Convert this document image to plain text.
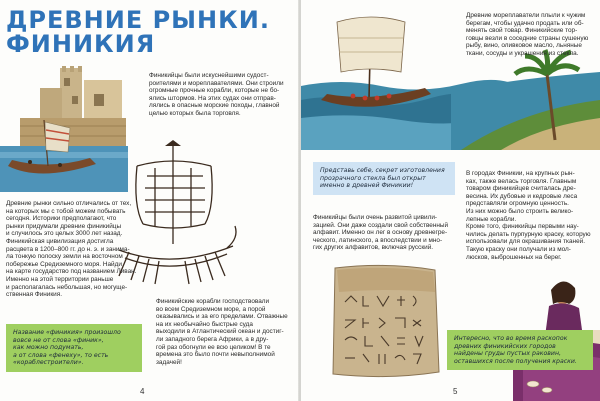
ДРЕВНИЕ РЫНКИ.
ФИНИКИЯ
Финикийцы были искуснейшими судост-
роителями и мореплавателями. Они строили
огромные прочные корабли, которые не бо-
ялись штормов. На этих судах они отправ-
лялись в опасные морские походы, главной
целью которых была торговля.
Древние рынки сильно отличались от тех,
на которых мы с тобой можем побывать
сегодня. Историки предполагают, что
рынки придумали древние финикийцы
и случилось это целых 3000 лет назад.
Финикийская цивилизация достигла
расцвета в 1200–800 гг. до н. э. и занима-
ла тонкую полоску земли на восточном
побережье Средиземного моря. Найди
на карте государство под названием Ливан.
Именно на этой территории раньше
и располагалась небольшая, но могуще-
ственная Финикия.
Финикийские корабли господствовали
во всем Средиземном море, а порой
оказывались и за его пределами. Отважные
на их необычайно быстрые суда
выходили в Атлантический океан и достиг-
ли западного берега Африки, а в дру-
гой раз обогнули ее всю целиком! В те
времена это было почти невыполнимой
задачей!
Название «финикия» произошло
вовсе не от слова «финик»,
как можно подумать,
а от слова «фенеху», то есть
«кораблестроители».
4
Древние мореплаватели плыли к чужим
берегам, чтобы удачно продать или об-
менять свой товар. Финикийские тор-
говцы везли в соседние страны сушеную
рыбу, вино, оливковое масло, льняные
ткани, сосуды и украшения из стекла.
Представь себе, секрет изготовления
прозрачного стекла был открыт
именно в древней Финикии!
Финикийцы были очень развитой цивили-
зацией. Они даже создали свой собственный
алфавит. Именно он лег в основу древнегре-
ческого, латинского, а впоследствии и мно-
гих других алфавитов, включая русский.
В городах Финикии, на крупных рын-
ках, также велась торговля. Главным
товаром финикийцев считалась дре-
весина. Их дубовые и кедровые леса
представляли огромную ценность.
Из них можно было строить велико-
лепные корабли.
Кроме того, финикийцы первыми нау-
чились делать пурпурную краску, которую
использовали для окрашивания тканей.
Такую краску они получали из мол-
люсков, выброшенных на берег.
Интересно, что во время раскопок
древних финикийских городов
найдены груды пустых раковин,
оставшихся после получения краски.
5
